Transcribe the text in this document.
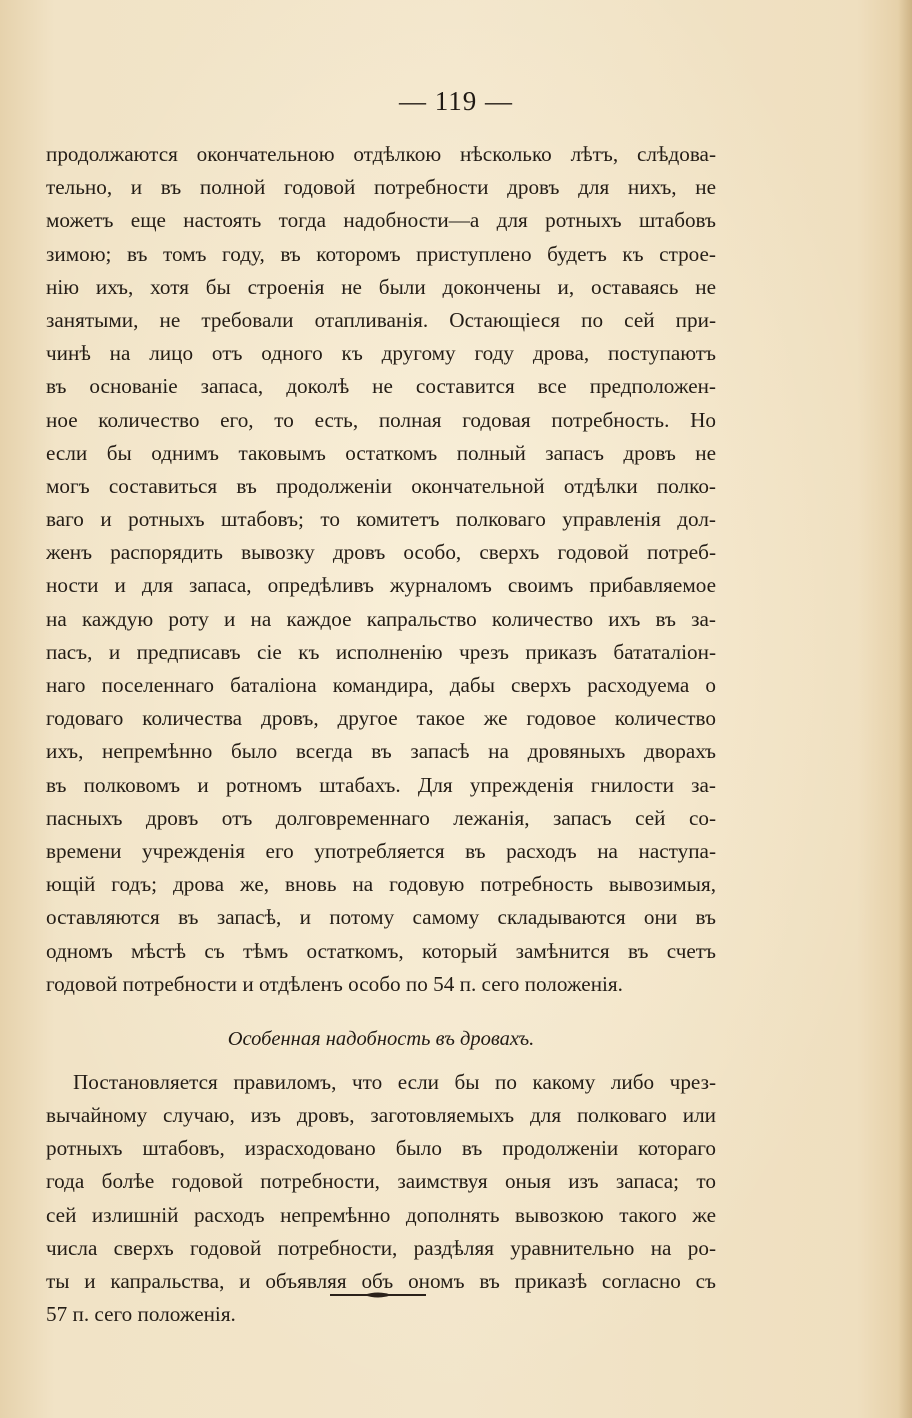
— 119 —
продолжаются окончательною отдѣлкою нѣсколько лѣтъ, слѣдова-
тельно, и въ полной годовой потребности дровъ для нихъ, не
можетъ еще настоять тогда надобности—а для ротныхъ штабовъ
зимою; въ томъ году, въ которомъ приступлено будетъ къ строе-
нію ихъ, хотя бы строенія не были докончены и, оставаясь не
занятыми, не требовали отапливанія. Остающіеся по сей при-
чинѣ на лицо отъ одного къ другому году дрова, поступаютъ
въ основаніе запаса, доколѣ не составится все предположен-
ное количество его, то есть, полная годовая потребность. Но
если бы однимъ таковымъ остаткомъ полный запасъ дровъ не
могъ составиться въ продолженіи окончательной отдѣлки полко-
ваго и ротныхъ штабовъ; то комитетъ полковаго управленія дол-
женъ распорядить вывозку дровъ особо, сверхъ годовой потреб-
ности и для запаса, опредѣливъ журналомъ своимъ прибавляемое
на каждую роту и на каждое капральство количество ихъ въ за-
пасъ, и предписавъ сіе къ исполненію чрезъ приказъ бататаліон-
наго поселеннаго баталіона командира, дабы сверхъ расходуема о
годоваго количества дровъ, другое такое же годовое количество
ихъ, непремѣнно было всегда въ запасѣ на дровяныхъ дворахъ
въ полковомъ и ротномъ штабахъ. Для упрежденія гнилости за-
пасныхъ дровъ отъ долговременнаго лежанія, запасъ сей со-
времени учрежденія его употребляется въ расходъ на наступа-
ющій годъ; дрова же, вновь на годовую потребность вывозимыя,
оставляются въ запасѣ, и потому самому складываются они въ
одномъ мѣстѣ съ тѣмъ остаткомъ, который замѣнится въ счетъ
годовой потребности и отдѣленъ особо по 54 п. сего положенія.
Особенная надобность въ дровахъ.
Постановляется правиломъ, что если бы по какому либо чрез-
вычайному случаю, изъ дровъ, заготовляемыхъ для полковаго или
ротныхъ штабовъ, израсходовано было въ продолженіи котораго
года болѣе годовой потребности, заимствуя оныя изъ запаса; то
сей излишній расходъ непремѣнно дополнять вывозкою такого же
числа сверхъ годовой потребности, раздѣляя уравнительно на ро-
ты и капральства, и объявляя объ ономъ въ приказѣ согласно съ
57 п. сего положенія.
